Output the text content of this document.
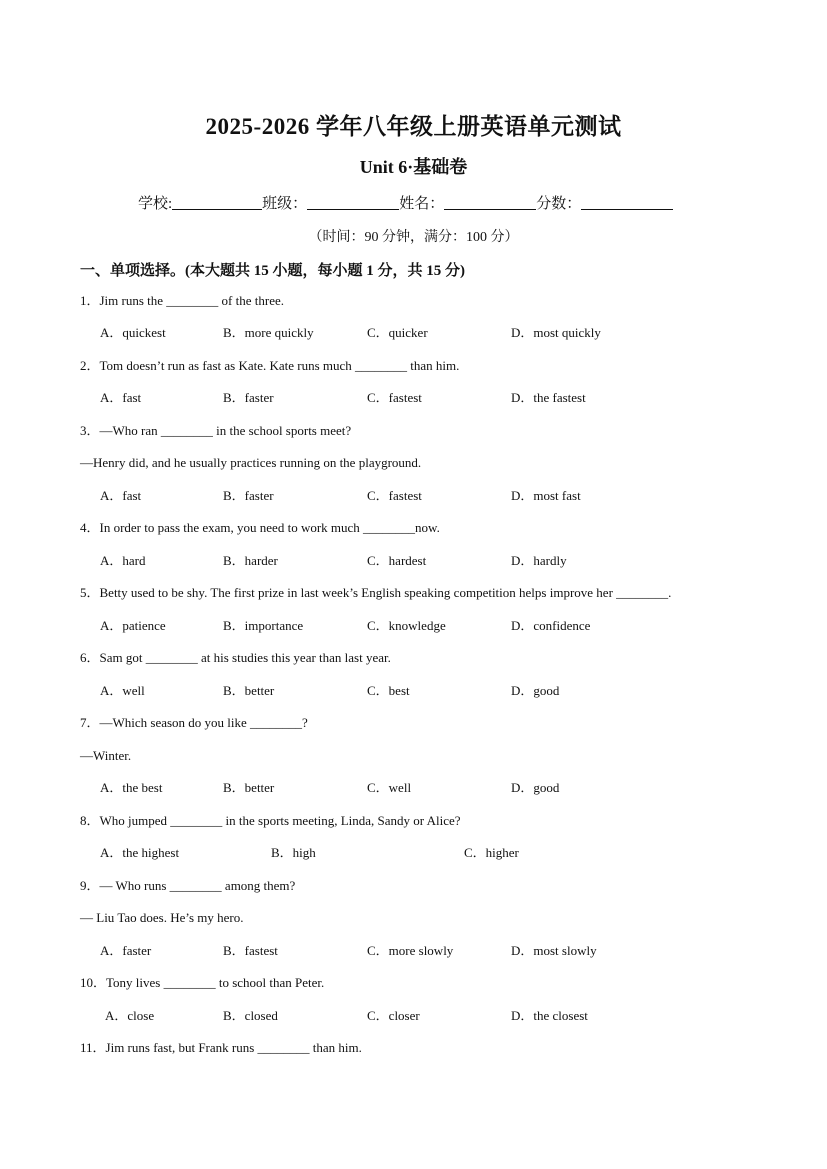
2025-2026 学年八年级上册英语单元测试
Unit 6·基础卷
学校:	班级：	姓名：	分数：
（时间：90 分钟，满分：100 分）
一、单项选择。(本大题共 15 小题，每小题 1 分，共 15 分)
1．Jim runs the ________ of the three.
A．quickest	B．more quickly	C．quicker	D．most quickly
2．Tom doesn’t run as fast as Kate. Kate runs much ________ than him.
A．fast	B．faster	C．fastest	D．the fastest
3．—Who ran ________ in the school sports meet?
—Henry did, and he usually practices running on the playground.
A．fast	B．faster	C．fastest	D．most fast
4．In order to pass the exam, you need to work much ________now.
A．hard	B．harder	C．hardest	D．hardly
5．Betty used to be shy. The first prize in last week’s English speaking competition helps improve her ________.
A．patience	B．importance	C．knowledge	D．confidence
6．Sam got ________ at his studies this year than last year.
A．well	B．better	C．best	D．good
7．—Which season do you like ________?
—Winter.
A．the best	B．better	C．well	D．good
8．Who jumped ________ in the sports meeting, Linda, Sandy or Alice?
A．the highest	B．high	C．higher
9．— Who runs ________ among them?
— Liu Tao does. He’s my hero.
A．faster	B．fastest	C．more slowly	D．most slowly
10．Tony lives ________ to school than Peter.
A．close	B．closed	C．closer	D．the closest
11．Jim runs fast, but Frank runs ________ than him.
